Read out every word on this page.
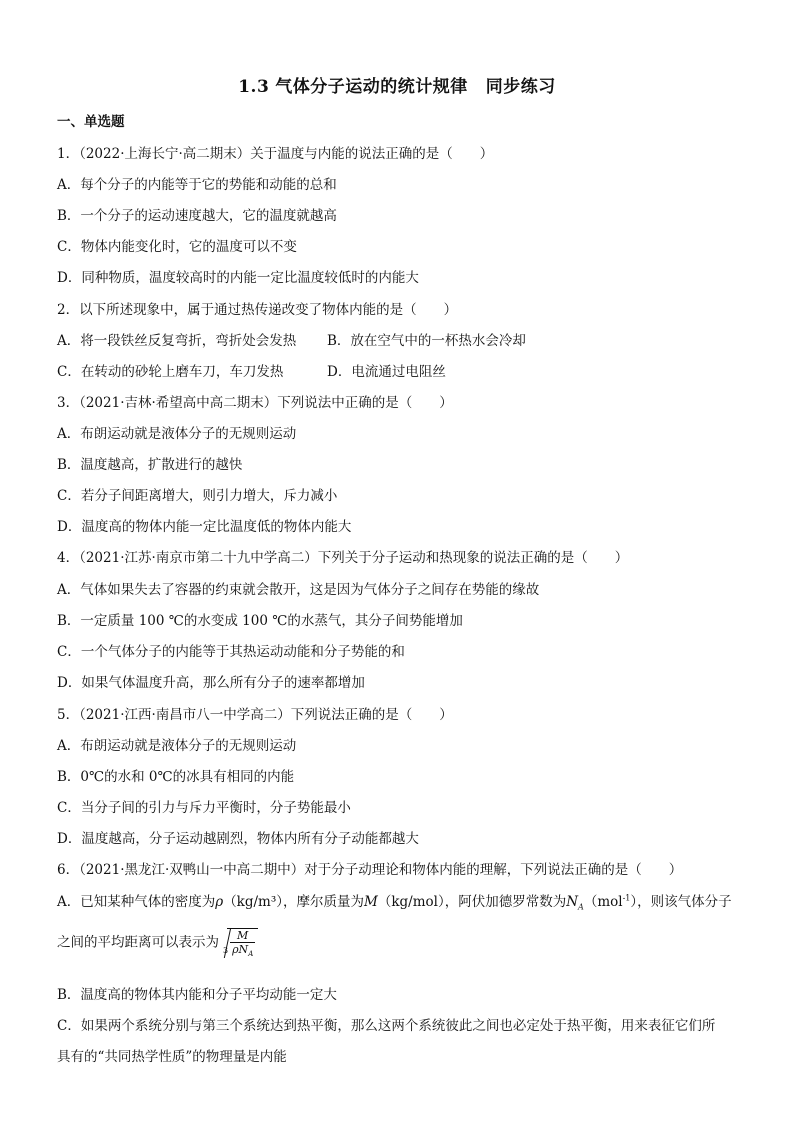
1.3 气体分子运动的统计规律 同步练习
一、单选题
1．（2022·上海长宁·高二期末）关于温度与内能的说法正确的是（　　）
A．每个分子的内能等于它的势能和动能的总和
B．一个分子的运动速度越大，它的温度就越高
C．物体内能变化时，它的温度可以不变
D．同种物质，温度较高时的内能一定比温度较低时的内能大
2．以下所述现象中，属于通过热传递改变了物体内能的是（　　）
A．将一段铁丝反复弯折，弯折处会发热 B．放在空气中的一杯热水会冷却
C．在转动的砂轮上磨车刀，车刀发热	D．电流通过电阻丝
3．（2021·吉林·希望高中高二期末）下列说法中正确的是（　　）
A．布朗运动就是液体分子的无规则运动
B．温度越高，扩散进行的越快
C．若分子间距离增大，则引力增大，斥力减小
D．温度高的物体内能一定比温度低的物体内能大
4．（2021·江苏·南京市第二十九中学高二）下列关于分子运动和热现象的说法正确的是（　　）
A．气体如果失去了容器的约束就会散开，这是因为气体分子之间存在势能的缘故
B．一定质量 100 ℃的水变成 100 ℃的水蒸气，其分子间势能增加
C．一个气体分子的内能等于其热运动动能和分子势能的和
D．如果气体温度升高，那么所有分子的速率都增加
5．（2021·江西·南昌市八一中学高二）下列说法正确的是（　　）
A．布朗运动就是液体分子的无规则运动
B．0℃的水和 0℃的冰具有相同的内能
C．当分子间的引力与斥力平衡时，分子势能最小
D．温度越高，分子运动越剧烈，物体内所有分子动能都越大
6．（2021·黑龙江·双鸭山一中高二期中）对于分子动理论和物体内能的理解，下列说法正确的是（　　）
A．已知某种气体的密度为ρ（kg/m³），摩尔质量为M（kg/mol），阿伏加德罗常数为$N_A(mol^{-1})$，则该气体分子
之间的平均距离可以表示为 $_3 \frac{M}{\rho N_A}$
B．温度高的物体其内能和分子平均动能一定大
C．如果两个系统分别与第三个系统达到热平衡，那么这两个系统彼此之间也必定处于热平衡，用来表征它们所
具有的“共同热学性质”的物理量是内能
